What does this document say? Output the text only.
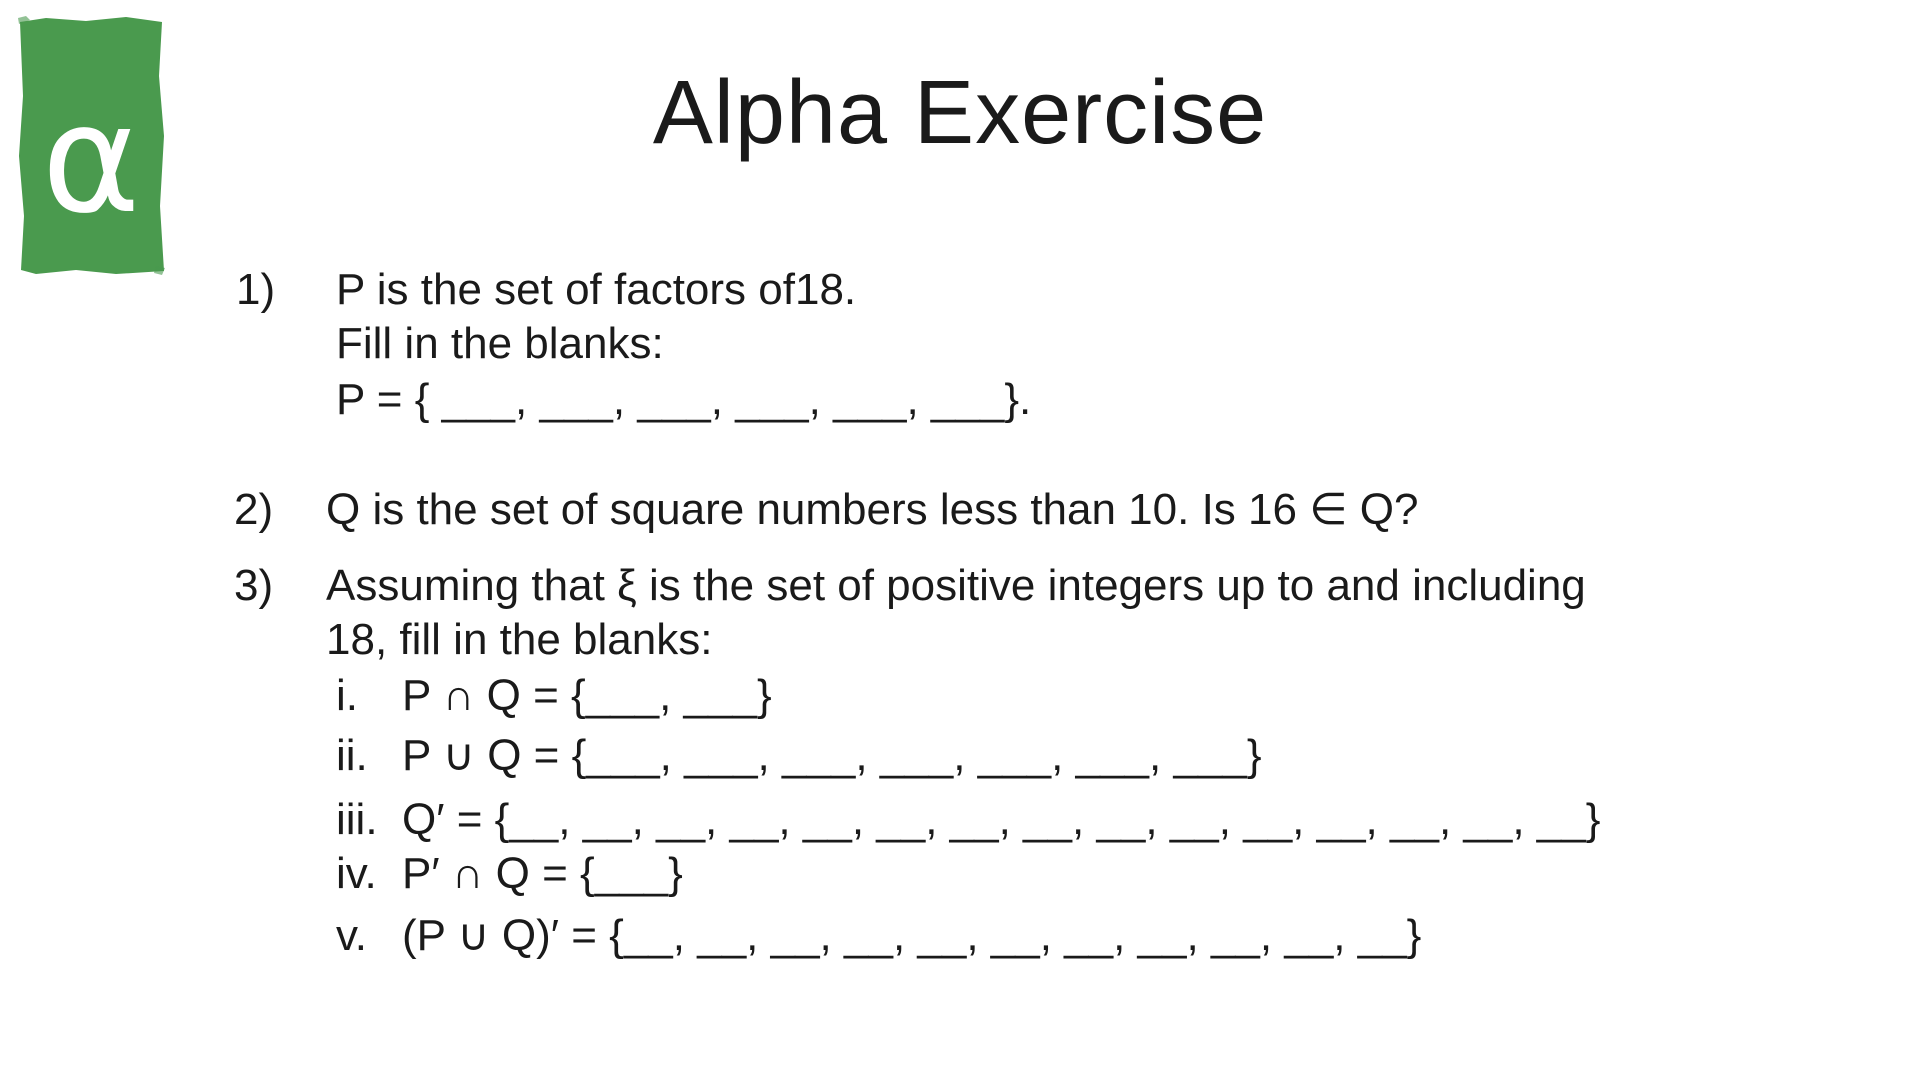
α	Alpha Exercise
1) P is the set of factors of18.
Fill in the blanks:
P = { ___, ___, ___, ___, ___, ___}.
2) Q is the set of square numbers less than 10. Is 16 ∈ Q?
3) Assuming that ξ is the set of positive integers up to and including
18, fill in the blanks:
i. P ∩ Q = {___, ___}
ii. P ∪ Q = {___, ___, ___, ___, ___, ___, ___}
iii. Q′ = {__, __, __, __, __, __, __, __, __, __, __, __, __, __, __}
iv. P′ ∩ Q = {___}
v. (P ∪ Q)′ = {__, __, __, __, __, __, __, __, __, __, __}
